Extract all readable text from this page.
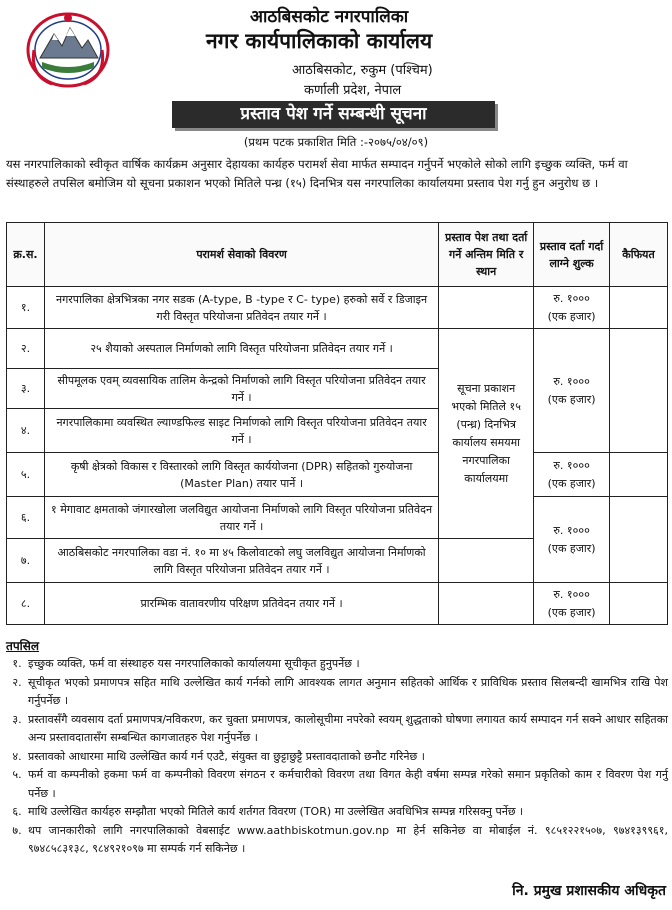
आठबिसकोट नगरपालिका
नगर कार्यपालिकाको कार्यालय
आठबिसकोट, रुकुम (पश्चिम)
कर्णाली प्रदेश, नेपाल
प्रस्ताव पेश गर्ने सम्बन्धी सूचना
(प्रथम पटक प्रकाशित मिति :-२०७५/०४/०९)
यस नगरपालिकाको स्वीकृत वार्षिक कार्यक्रम अनुसार देहायका कार्यहरु परामर्श सेवा मार्फत सम्पादन गर्नुपर्ने भएकोले सोको लागि इच्छुक व्यक्ति, फर्म वा संस्थाहरुले तपसिल बमोजिम यो सूचना प्रकाशन भएको मितिले पन्ध्र (१५) दिनभित्र यस नगरपालिका कार्यालयमा प्रस्ताव पेश गर्नु हुन अनुरोध छ ।
क्र.स.	परामर्श सेवाको विवरण	प्रस्ताव पेश तथा दर्ता गर्ने अन्तिम मिति र स्थान	प्रस्ताव दर्ता गर्दा लाग्ने शुल्क	कैफियत
१.	नगरपालिका क्षेत्रभित्रका नगर सडक (A-type, B -type र C- type) हरुको सर्वे र डिजाइन गरी विस्तृत परियोजना प्रतिवेदन तयार गर्ने ।		रु. १०००
(एक हजार)	

२.	२५ शैयाको अस्पताल निर्माणको लागि विस्तृत परियोजना प्रतिवेदन तयार गर्ने ।	सूचना प्रकाशन भएको मितिले १५ (पन्ध्र) दिनभित्र कार्यालय समयमा नगरपालिका कार्यालयमा	रु. १०००
(एक हजार)	

३.	सीपमूलक एवम् व्यवसायिक तालिम केन्द्रको निर्माणको लागि विस्तृत परियोजना प्रतिवेदन तयार गर्ने ।			
४.	नगरपालिकामा व्यवस्थित ल्याण्डफिल्ड साइट निर्माणको लागि विस्तृत परियोजना प्रतिवेदन तयार गर्ने ।			
५.	कृषी क्षेत्रको विकास र विस्तारको लागि विस्तृत कार्ययोजना (DPR) सहितको गुरुयोजना (Master Plan) तयार पार्ने ।		रु. १०००
(एक हजार)	

६.	१ मेगावाट क्षमताको जंगारखोला जलविद्युत आयोजना निर्माणको लागि विस्तृत परियोजना प्रतिवेदन तयार गर्ने ।		रु. १०००
(एक हजार)	

७.	आठबिसकोट नगरपालिका वडा नं. १० मा ४५ किलोवाटको लघु जलविद्युत आयोजना निर्माणको लागि विस्तृत परियोजना प्रतिवेदन तयार गर्ने ।			
८.	प्रारम्भिक वातावरणीय परिक्षण प्रतिवेदन तयार गर्ने ।		रु. १०००
(एक हजार)	

तपसिल
१. इच्छुक व्यक्ति, फर्म वा संस्थाहरु यस नगरपालिकाको कार्यालयमा सूचीकृत हुनुपर्नेछ ।
२. सूचीकृत भएको प्रमाणपत्र सहित माथि उल्लेखित कार्य गर्नको लागि आवश्यक लागत अनुमान सहितको आर्थिक र प्राविधिक प्रस्ताव सिलबन्दी खामभित्र राखि पेश गर्नुपर्नेछ ।
३. प्रस्तावसँगै व्यवसाय दर्ता प्रमाणपत्र/नविकरण, कर चुक्ता प्रमाणपत्र, कालोसूचीमा नपरेको स्वयम् शुद्धताको घोषणा लगायत कार्य सम्पादन गर्न सक्ने आधार सहितका अन्य प्रस्तावदातासँग सम्बन्धित कागजातहरु पेश गर्नुपर्नेछ ।
४. प्रस्तावको आधारमा माथि उल्लेखित कार्य गर्न एउटै, संयुक्त वा छुट्टाछुट्टै प्रस्तावदाताको छनौट गरिनेछ ।
५. फर्म वा कम्पनीको हकमा फर्म वा कम्पनीको विवरण संगठन र कर्मचारीको विवरण तथा विगत केही वर्षमा सम्पन्न गरेको समान प्रकृतिको काम र विवरण पेश गर्नु पर्नेछ ।
६. माथि उल्लेखित कार्यहरु सम्झौता भएको मितिले कार्य शर्तगत विवरण (TOR) मा उल्लेखित अवधिभित्र सम्पन्न गरिसक्नु पर्नेछ ।
७. थप जानकारीको लागि नगरपालिकाको वेबसाईट www.aathbiskotmun.gov.np मा हेर्न सकिनेछ वा मोबाईल नं. ९८५१२२१५०७, ९७४१३९९६१, ९७४८५८३१३८, ९८४९२१०९७ मा सम्पर्क गर्न सकिनेछ ।
नि. प्रमुख प्रशासकीय अधिकृत
